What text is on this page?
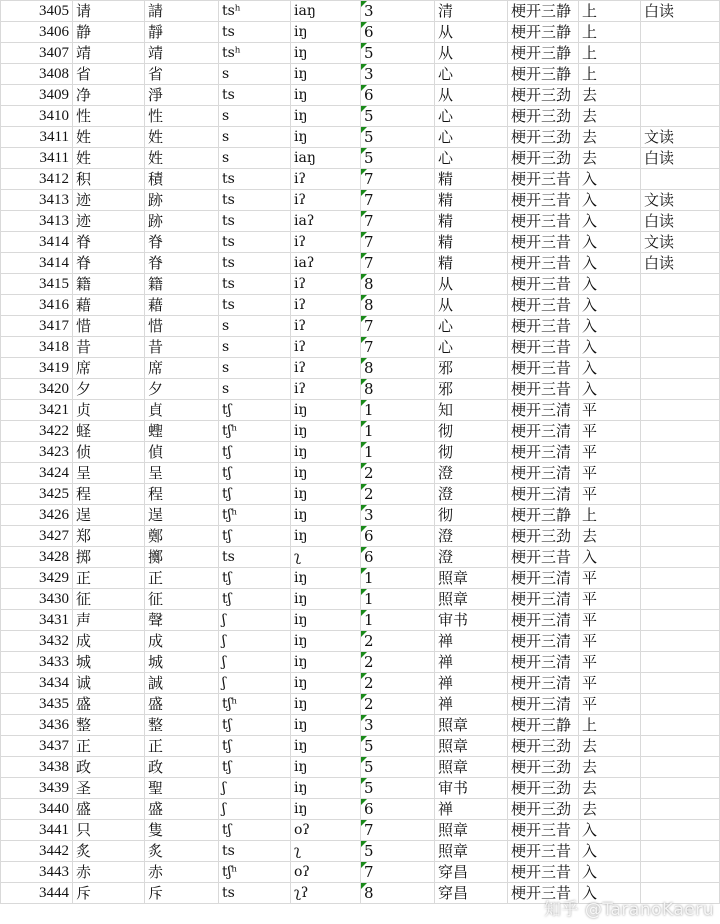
3405	请	請	tsʰ	iaŋ	3	清	梗开三静	上	白读
3406	静	靜	ts	iŋ	6	从	梗开三静	上	
3407	靖	靖	tsʰ	iŋ	5	从	梗开三静	上	
3408	省	省	s	iŋ	3	心	梗开三静	上	
3409	净	淨	ts	iŋ	6	从	梗开三劲	去	
3410	性	性	s	iŋ	5	心	梗开三劲	去	
3411	姓	姓	s	iŋ	5	心	梗开三劲	去	文读
3411	姓	姓	s	iaŋ	5	心	梗开三劲	去	白读
3412	积	積	ts	iʔ	7	精	梗开三昔	入	
3413	迹	跡	ts	iʔ	7	精	梗开三昔	入	文读
3413	迹	跡	ts	iaʔ	7	精	梗开三昔	入	白读
3414	脊	脊	ts	iʔ	7	精	梗开三昔	入	文读
3414	脊	脊	ts	iaʔ	7	精	梗开三昔	入	白读
3415	籍	籍	ts	iʔ	8	从	梗开三昔	入	
3416	藉	藉	ts	iʔ	8	从	梗开三昔	入	
3417	惜	惜	s	iʔ	7	心	梗开三昔	入	
3418	昔	昔	s	iʔ	7	心	梗开三昔	入	
3419	席	席	s	iʔ	8	邪	梗开三昔	入	
3420	夕	夕	s	iʔ	8	邪	梗开三昔	入	
3421	贞	貞	tʃ	iŋ	1	知	梗开三清	平	
3422	蛏	蟶	tʃʰ	iŋ	1	彻	梗开三清	平	
3423	侦	偵	tʃ	iŋ	1	彻	梗开三清	平	
3424	呈	呈	tʃ	iŋ	2	澄	梗开三清	平	
3425	程	程	tʃ	iŋ	2	澄	梗开三清	平	
3426	逞	逞	tʃʰ	iŋ	3	彻	梗开三静	上	
3427	郑	鄭	tʃ	iŋ	6	澄	梗开三劲	去	
3428	掷	擲	ts	ʅ	6	澄	梗开三昔	入	
3429	正	正	tʃ	iŋ	1	照章	梗开三清	平	
3430	征	征	tʃ	iŋ	1	照章	梗开三清	平	
3431	声	聲	ʃ	iŋ	1	审书	梗开三清	平	
3432	成	成	ʃ	iŋ	2	禅	梗开三清	平	
3433	城	城	ʃ	iŋ	2	禅	梗开三清	平	
3434	诚	誠	ʃ	iŋ	2	禅	梗开三清	平	
3435	盛	盛	tʃʰ	iŋ	2	禅	梗开三清	平	
3436	整	整	tʃ	iŋ	3	照章	梗开三静	上	
3437	正	正	tʃ	iŋ	5	照章	梗开三劲	去	
3438	政	政	tʃ	iŋ	5	照章	梗开三劲	去	
3439	圣	聖	ʃ	iŋ	5	审书	梗开三劲	去	
3440	盛	盛	ʃ	iŋ	6	禅	梗开三劲	去	
3441	只	隻	tʃ	oʔ	7	照章	梗开三昔	入	
3442	炙	炙	ts	ʅ	5	照章	梗开三昔	入	
3443	赤	赤	tʃʰ	oʔ	7	穿昌	梗开三昔	入	
3444	斥	斥	ts	ʅʔ	8	穿昌	梗开三昔	入	
知乎 @TaranoKaeru
